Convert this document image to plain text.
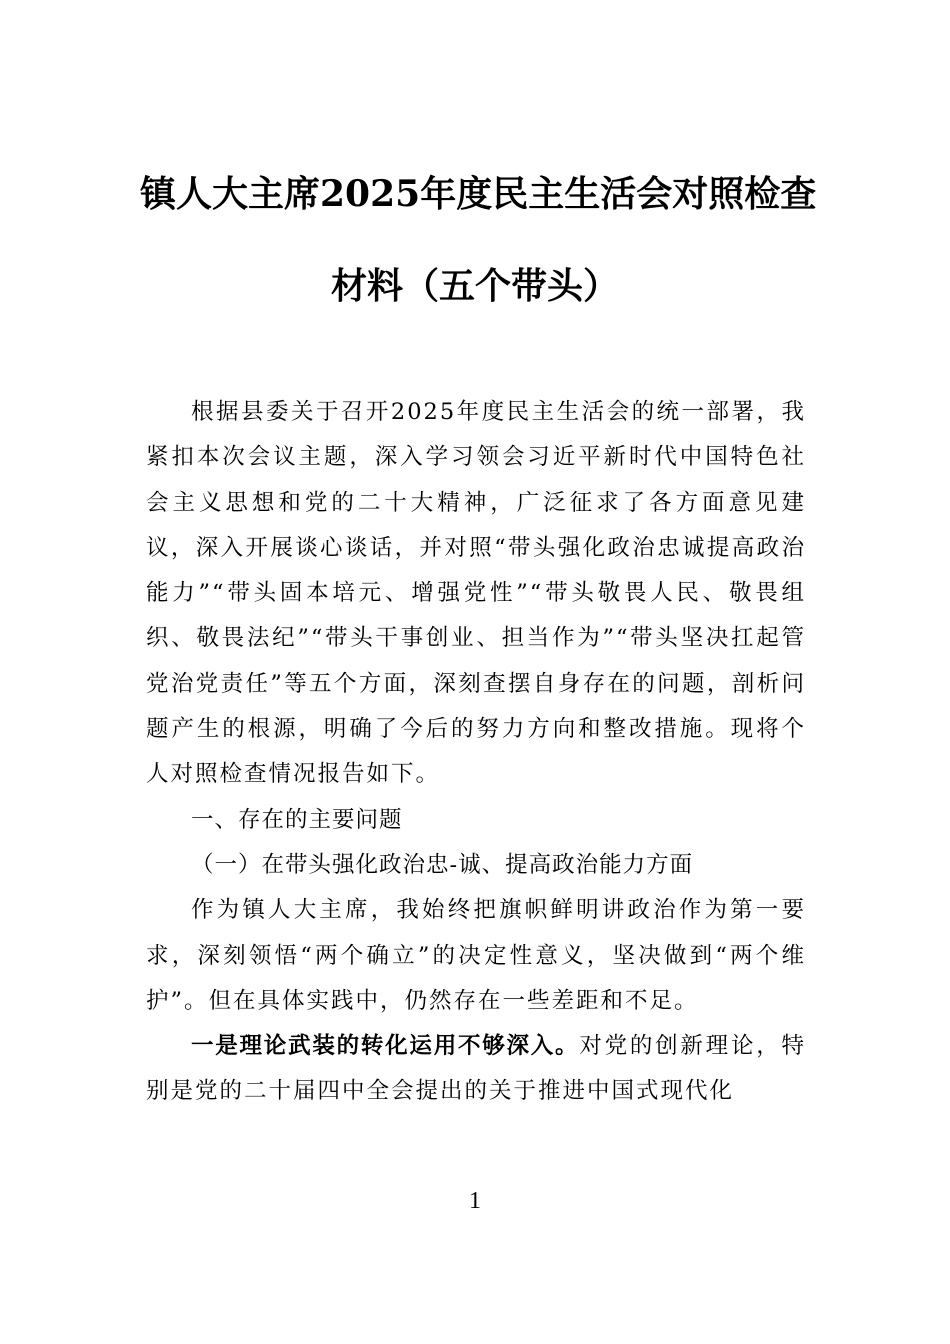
镇人大主席2025年度民主生活会对照检查
材料（五个带头）

根据县委关于召开2025年度民主生活会的统一部署，我紧扣本次会议主题，深入学习领会习近平新时代中国特色社会主义思想和党的二十大精神，广泛征求了各方面意见建议，深入开展谈心谈话，并对照“带头强化政治忠诚提高政治能力”“带头固本培元、增强党性”“带头敬畏人民、敬畏组织、敬畏法纪”“带头干事创业、担当作为”“带头坚决扛起管党治党责任”等五个方面，深刻查摆自身存在的问题，剖析问题产生的根源，明确了今后的努力方向和整改措施。现将个人对照检查情况报告如下。

一、存在的主要问题

（一）在带头强化政治忠-诚、提高政治能力方面

作为镇人大主席，我始终把旗帜鲜明讲政治作为第一要求，深刻领悟“两个确立”的决定性意义，坚决做到“两个维护”。但在具体实践中，仍然存在一些差距和不足。

一是理论武装的转化运用不够深入。对党的创新理论，特别是党的二十届四中全会提出的关于推进中国式现代化

1
